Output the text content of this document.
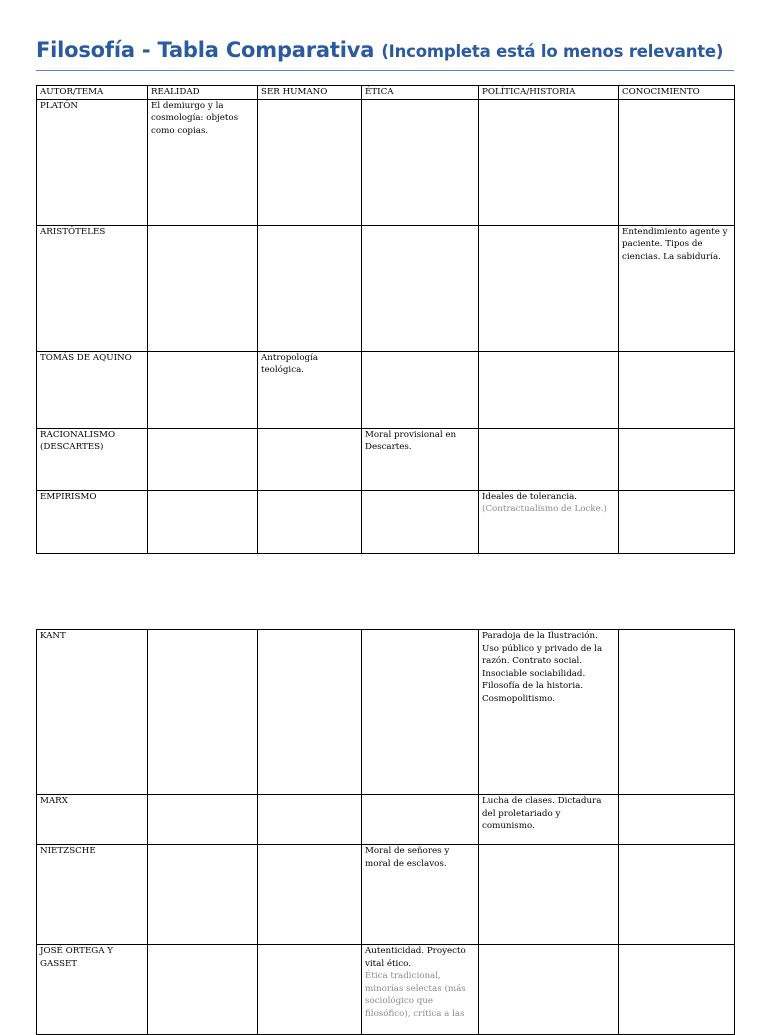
Filosofía - Tabla Comparativa (Incompleta está lo menos relevante)
AUTOR/TEMA	REALIDAD	SER HUMANO	ÉTICA	POLÍTICA/HISTORIA	CONOCIMIENTO
PLATÓN	El demiurgo y la cosmología: objetos como copias.		

ARISTÓTELES					Entendimiento agente y paciente. Tipos de ciencias. La sabiduría.
TOMÁS DE AQUINO		Antropología teológica.	

RACIONALISMO (DESCARTES)			Moral provisional en Descartes.		

EMPIRISMO				Ideales de tolerancia.
(Contractualismo de Locke.)	

KANT				Paradoja de la Ilustración. Uso público y privado de la razón. Contrato social. Insociable sociabilidad. Filosofía de la historia. Cosmopolitismo.	

MARX				Lucha de clases. Dictadura del proletariado y comunismo.	

NIETZSCHE			Moral de señores y moral de esclavos.		

JOSÉ ORTEGA Y GASSET			Autenticidad. Proyecto vital ético.
Ética tradicional, minorías selectas (más sociológico que filosófico), crítica a las		
